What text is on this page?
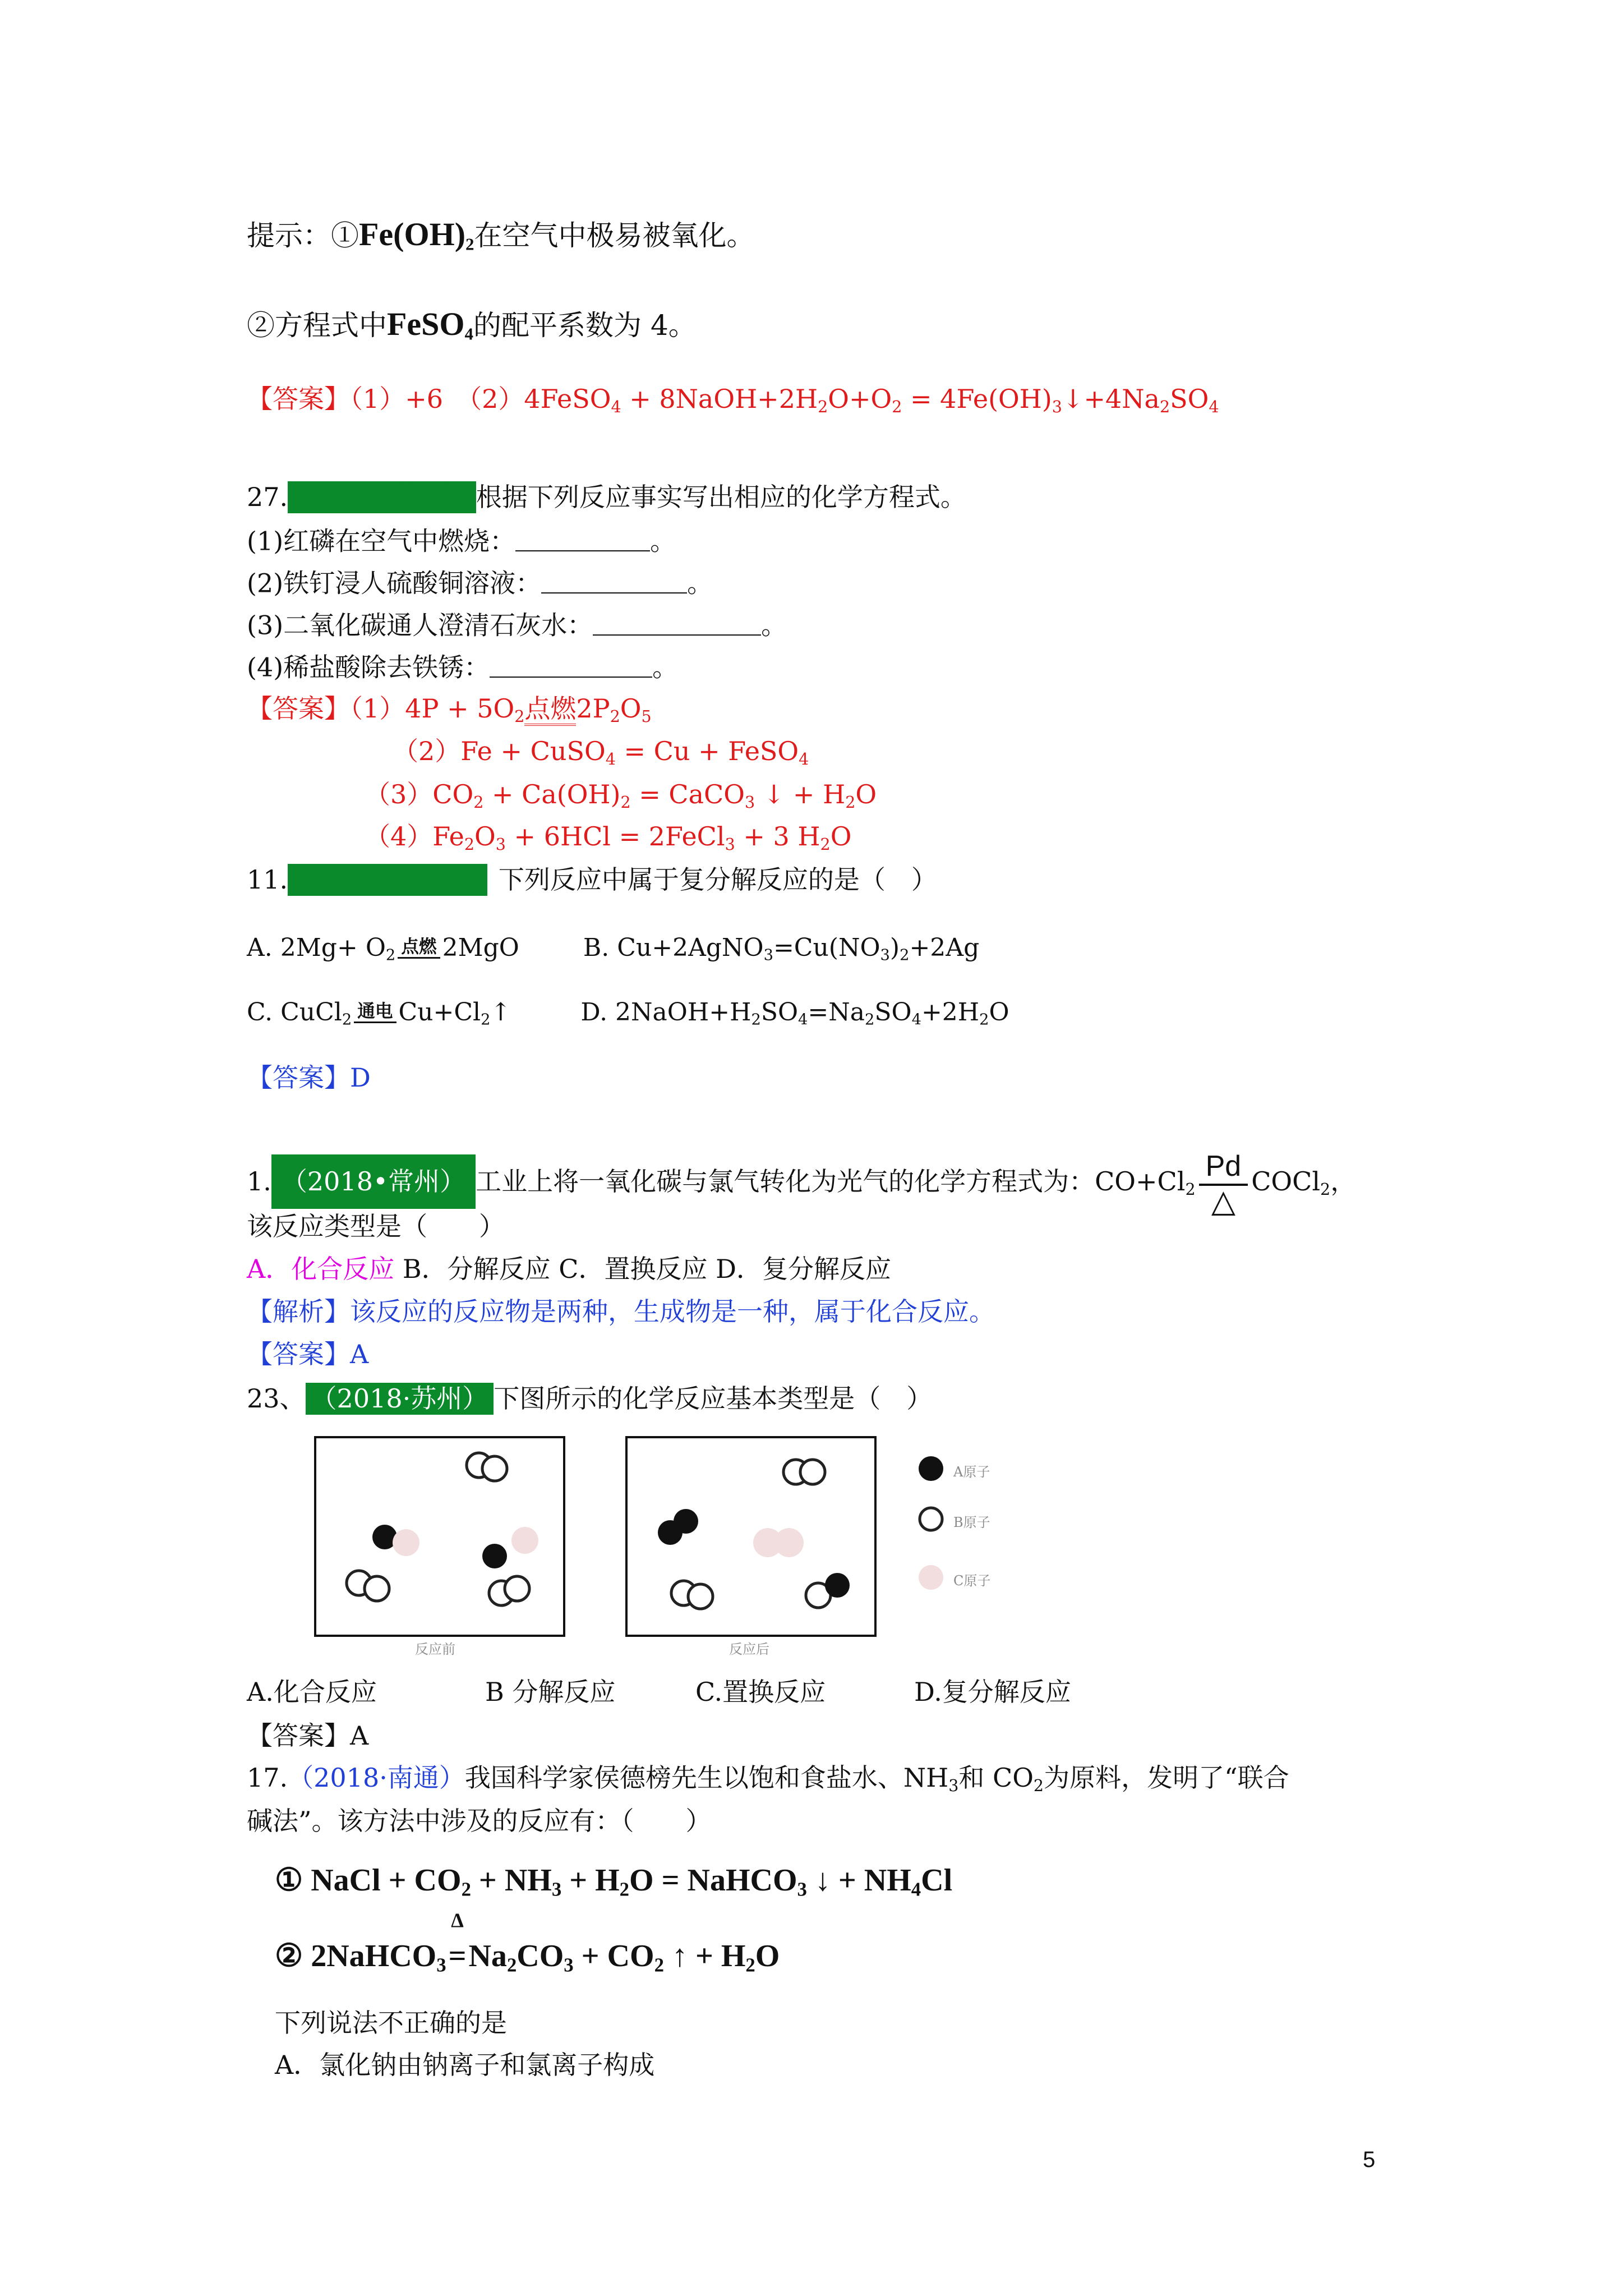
提示：$①Fe(OH)_2$在空气中极易被氧化。
②方程式中FeSO$_4$的配平系数为 4。
【答案】（1）+6　（2）4FeSO$_4$ + $8NaOH+2H_2O+O_2$ = $4Fe(OH)_3↓+4Na_2SO_4$
27. （2019·苏州） 根据下列反应事实写出相应的化学方程式。
(1)红磷在空气中燃烧：	。
(2)铁钉浸人硫酸铜溶液：	。
(3)二氧化碳通人澄清石灰水：	。
(4)稀盐酸除去铁锈：	。
【答案】$(1)4P + 5O_2$点燃$2P_2O_5$
（2）Fe + CuSO$_4$ = Cu + FeSO$_4$
$(3)CO_2 + Ca(OH)_2$ = CaCO$_3$ ↓ + $H_2O$
$(4)Fe_2O_3 + 6HCl$ = 2FeCl$_3$ + 3 $H_2O$
11. （2018·扬州） 下列反应中属于复分解反应的是（　）
A. $2Mg+ O_2$ 点燃 2MgO	B. $Cu+2AgNO_3=Cu(NO_3)_2+2Ag$
C. CuCl$_2$ 通电 $Cu+Cl_2↑$	D. $2NaOH+H_2SO_4=Na_2SO_4+2H_2O$
【答案】D
1. （2018•常州） 工业上将一氧化碳与氯气转化为光气的化学方程式为：$CO+Cl_2$
Pd
△
COCl$_2$，
该反应类型是（　　）
A．化合反应 B．分解反应 C．置换反应 D．复分解反应
【解析】该反应的反应物是两种，生成物是一种，属于化合反应。
【答案】A
23、 （2018·苏州） 下图所示的化学反应基本类型是（　）
反应前	反应后
A原子
B原子
C原子
A.化合反应	B 分解反应	C.置换反应	D.复分解反应
【答案】A
17.（2018·南通）我国科学家侯德榜先生以饱和食盐水、$NH_3$和 $CO_2$为原料，发明了“联合
碱法”。该方法中涉及的反应有：（　　）
① NaCl + $CO_2 + NH_3 + H_2O$ = NaHCO$_3$ ↓ + $NH_4Cl$
② 2NaHCO$_3$
Δ
$=Na_2CO_3 + CO_2$ ↑ + $H_2O$
下列说法不正确的是
A．氯化钠由钠离子和氯离子构成
5
